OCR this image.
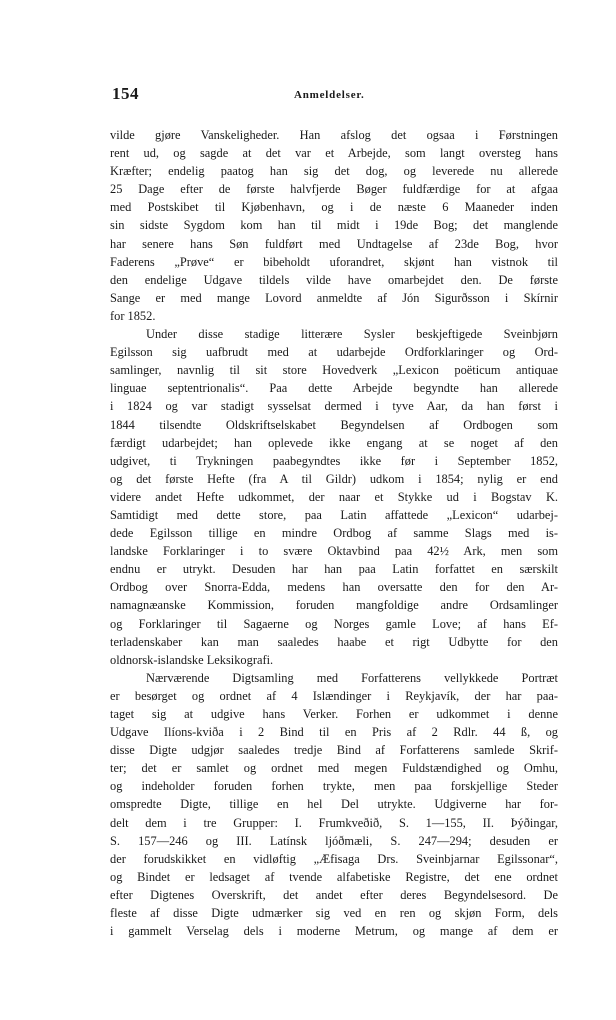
154	Anmeldelser.
vilde gjøre Vanskeligheder. Han afslog det ogsaa i Førstningen
rent ud, og sagde at det var et Arbejde, som langt oversteg hans
Kræfter; endelig paatog han sig det dog, og leverede nu allerede
25 Dage efter de første halvfjerde Bøger fuldfærdige for at afgaa
med Postskibet til Kjøbenhavn, og i de næste 6 Maaneder inden
sin sidste Sygdom kom han til midt i 19de Bog; det manglende
har senere hans Søn fuldført med Undtagelse af 23de Bog, hvor
Faderens „Prøve“ er bibeholdt uforandret, skjønt han vistnok til
den endelige Udgave tildels vilde have omarbejdet den. De første
Sange er med mange Lovord anmeldte af Jón Sigurðsson i Skírnir
for 1852.
Under disse stadige litterære Sysler beskjeftigede Sveinbjørn
Egilsson sig uafbrudt med at udarbejde Ordforklaringer og Ord-
samlinger, navnlig til sit store Hovedverk „Lexicon poëticum antiquae
linguae septentrionalis“. Paa dette Arbejde begyndte han allerede
i 1824 og var stadigt sysselsat dermed i tyve Aar, da han først i
1844 tilsendte Oldskriftselskabet Begyndelsen af Ordbogen som
færdigt udarbejdet; han oplevede ikke engang at se noget af den
udgivet, ti Trykningen paabegyndtes ikke før i September 1852,
og det første Hefte (fra A til Gildr) udkom i 1854; nylig er end
videre andet Hefte udkommet, der naar et Stykke ud i Bogstav K.
Samtidigt med dette store, paa Latin affattede „Lexicon“ udarbej-
dede Egilsson tillige en mindre Ordbog af samme Slags med is-
landske Forklaringer i to svære Oktavbind paa 42½ Ark, men som
endnu er utrykt. Desuden har han paa Latin forfattet en særskilt
Ordbog over Snorra-Edda, medens han oversatte den for den Ar-
namagnæanske Kommission, foruden mangfoldige andre Ordsamlinger
og Forklaringer til Sagaerne og Norges gamle Love; af hans Ef-
terladenskaber kan man saaledes haabe et rigt Udbytte for den
oldnorsk-islandske Leksikografi.
Nærværende Digtsamling med Forfatterens vellykkede Portræt
er besørget og ordnet af 4 Islændinger i Reykjavík, der har paa-
taget sig at udgive hans Verker. Forhen er udkommet i denne
Udgave Ilíons-kviða i 2 Bind til en Pris af 2 Rdlr. 44 ß, og
disse Digte udgjør saaledes tredje Bind af Forfatterens samlede Skrif-
ter; det er samlet og ordnet med megen Fuldstændighed og Omhu,
og indeholder foruden forhen trykte, men paa forskjellige Steder
omspredte Digte, tillige en hel Del utrykte. Udgiverne har for-
delt dem i tre Grupper: I. Frumkveðið, S. 1—155, II. Þýðingar,
S. 157—246 og III. Latínsk ljóðmæli, S. 247—294; desuden er
der forudskikket en vidløftig „Æfisaga Drs. Sveinbjarnar Egilssonar“,
og Bindet er ledsaget af tvende alfabetiske Registre, det ene ordnet
efter Digtenes Overskrift, det andet efter deres Begyndelsesord. De
fleste af disse Digte udmærker sig ved en ren og skjøn Form, dels
i gammelt Verselag dels i moderne Metrum, og mange af dem er
